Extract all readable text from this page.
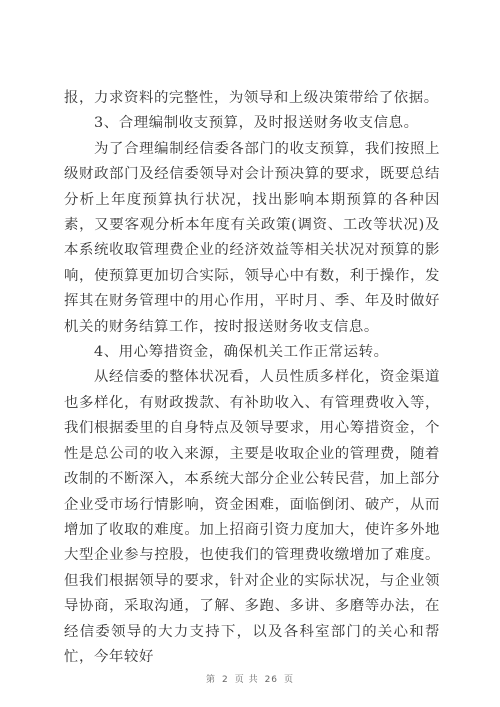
报，力求资料的完整性，为领导和上级决策带给了依据。

3、合理编制收支预算，及时报送财务收支信息。

为了合理编制经信委各部门的收支预算，我们按照上级财政部门及经信委领导对会计预决算的要求，既要总结分析上年度预算执行状况，找出影响本期预算的各种因素，又要客观分析本年度有关政策(调资、工改等状况)及本系统收取管理费企业的经济效益等相关状况对预算的影响，使预算更加切合实际，领导心中有数，利于操作，发挥其在财务管理中的用心作用，平时月、季、年及时做好机关的财务结算工作，按时报送财务收支信息。

4、用心筹措资金，确保机关工作正常运转。

从经信委的整体状况看，人员性质多样化，资金渠道也多样化，有财政拨款、有补助收入、有管理费收入等，我们根据委里的自身特点及领导要求，用心筹措资金，个性是总公司的收入来源，主要是收取企业的管理费，随着改制的不断深入，本系统大部分企业公转民营，加上部分企业受市场行情影响，资金困难，面临倒闭、破产，从而增加了收取的难度。加上招商引资力度加大，使许多外地大型企业参与控股，也使我们的管理费收缴增加了难度。但我们根据领导的要求，针对企业的实际状况，与企业领导协商，采取沟通，了解、多跑、多讲、多磨等办法，在经信委领导的大力支持下，以及各科室部门的关心和帮忙，今年较好

第 2 页 共 26 页
